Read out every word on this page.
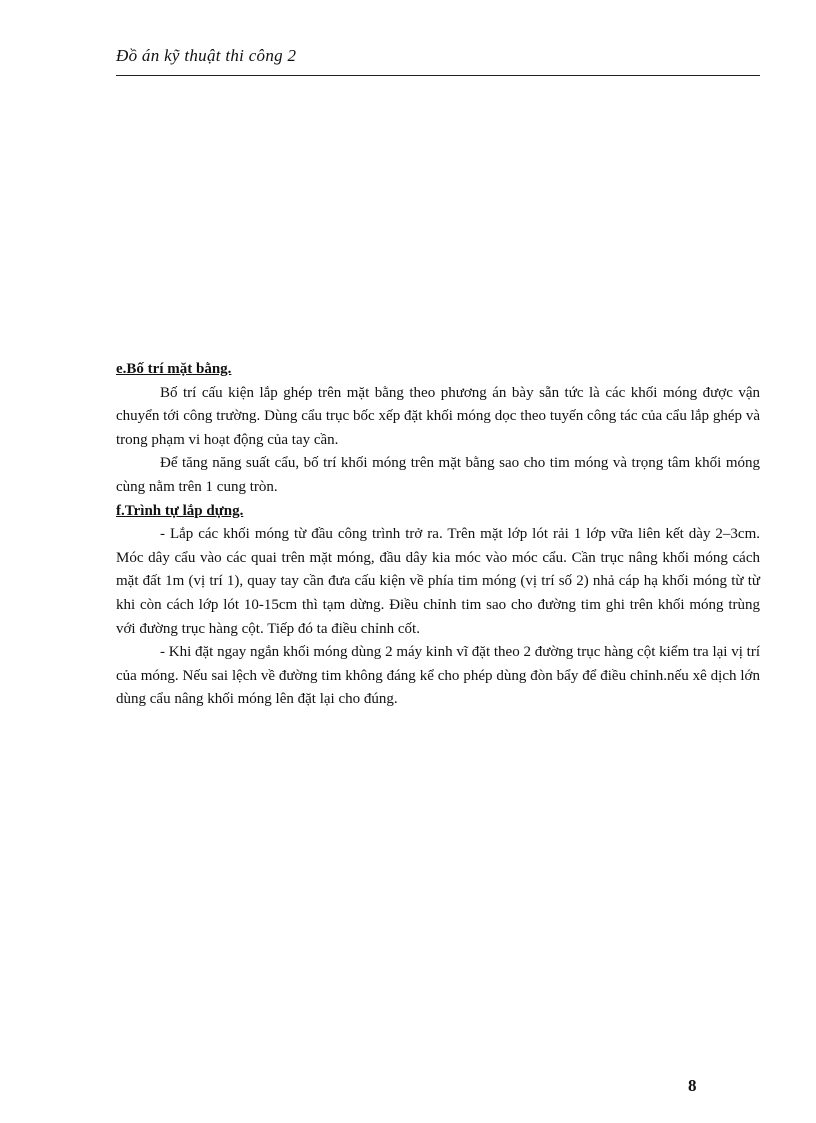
Đồ án kỹ thuật thi công 2

e.Bố trí mặt bằng.

Bố trí cấu kiện lắp ghép trên mặt bằng theo phương án bày sẵn tức là các khối móng được vận chuyển tới công trường. Dùng cẩu trục bốc xếp đặt khối móng dọc theo tuyến công tác của cẩu lắp ghép và trong phạm vi hoạt động của tay cần.

Để tăng năng suất cẩu, bố trí khối móng trên mặt bằng sao cho tim móng và trọng tâm khối móng cùng nằm trên 1 cung tròn.

f.Trình tự lắp dựng.

- Lắp các khối móng từ đầu công trình trở ra. Trên mặt lớp lót rải 1 lớp vữa liên kết dày 2–3cm. Móc dây cẩu vào các quai trên mặt móng, đầu dây kia móc vào móc cẩu. Cần trục nâng khối móng cách mặt đất 1m (vị trí 1), quay tay cần đưa cấu kiện về phía tim móng (vị trí số 2) nhả cáp hạ khối móng từ từ khi còn cách lớp lót 10-15cm thì tạm dừng. Điều chỉnh tim sao cho đường tim ghi trên khối móng trùng với đường trục hàng cột. Tiếp đó ta điều chỉnh cốt.

- Khi đặt ngay ngắn khối móng dùng 2 máy kinh vĩ đặt theo 2 đường trục hàng cột kiểm tra lại vị trí của móng. Nếu sai lệch về đường tim không đáng kể cho phép dùng đòn bẩy để điều chỉnh.nếu xê dịch lớn dùng cẩu nâng khối móng lên đặt lại cho đúng.

8
